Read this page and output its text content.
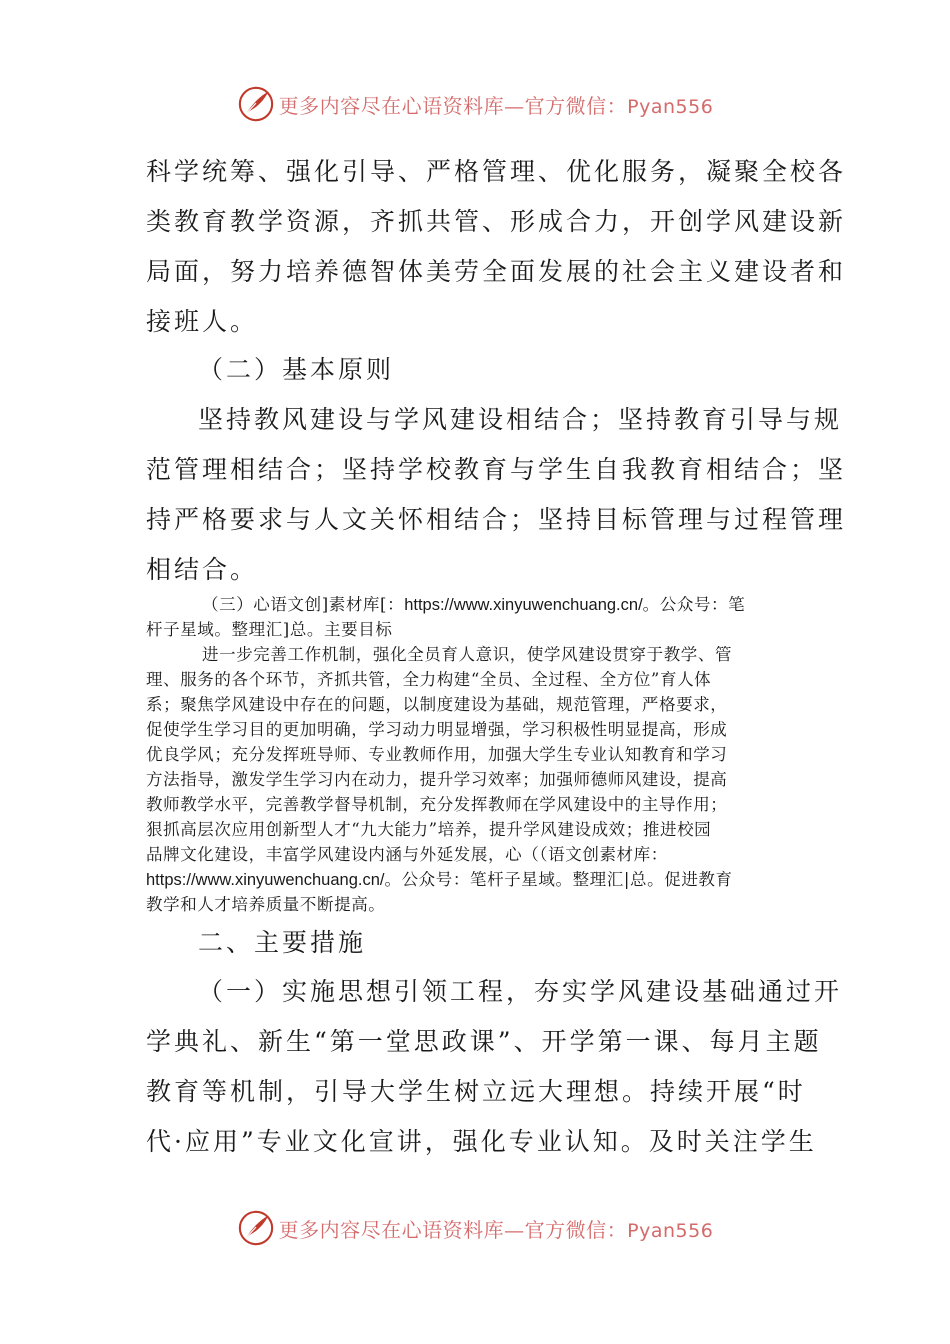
更多内容尽在心语资料库—官方微信：Pyan556
科学统筹、强化引导、严格管理、优化服务，凝聚全校各
类教育教学资源，齐抓共管、形成合力，开创学风建设新
局面，努力培养德智体美劳全面发展的社会主义建设者和
接班人。
（二）基本原则
坚持教风建设与学风建设相结合；坚持教育引导与规
范管理相结合；坚持学校教育与学生自我教育相结合；坚
持严格要求与人文关怀相结合；坚持目标管理与过程管理
相结合。
（三）心语文创]素材库[：https://www.xinyuwenchuang.cn/。公众号：笔
杆子星域。整理汇]总。主要目标
进一步完善工作机制，强化全员育人意识，使学风建设贯穿于教学、管
理、服务的各个环节，齐抓共管，全力构建“全员、全过程、全方位”育人体
系；聚焦学风建设中存在的问题，以制度建设为基础，规范管理，严格要求，
促使学生学习目的更加明确，学习动力明显增强，学习积极性明显提高，形成
优良学风；充分发挥班导师、专业教师作用，加强大学生专业认知教育和学习
方法指导，激发学生学习内在动力，提升学习效率；加强师德师风建设，提高
教师教学水平，完善教学督导机制，充分发挥教师在学风建设中的主导作用；
狠抓高层次应用创新型人才“九大能力”培养，提升学风建设成效；推进校园
品牌文化建设，丰富学风建设内涵与外延发展，心（（语文创素材库：
https://www.xinyuwenchuang.cn/。公众号：笔杆子星域。整理汇|总。促进教育
教学和人才培养质量不断提高。
二、主要措施
（一）实施思想引领工程，夯实学风建设基础通过开
学典礼、新生“第一堂思政课”、开学第一课、每月主题
教育等机制，引导大学生树立远大理想。持续开展“时
代·应用”专业文化宣讲，强化专业认知。及时关注学生
更多内容尽在心语资料库—官方微信：Pyan556
